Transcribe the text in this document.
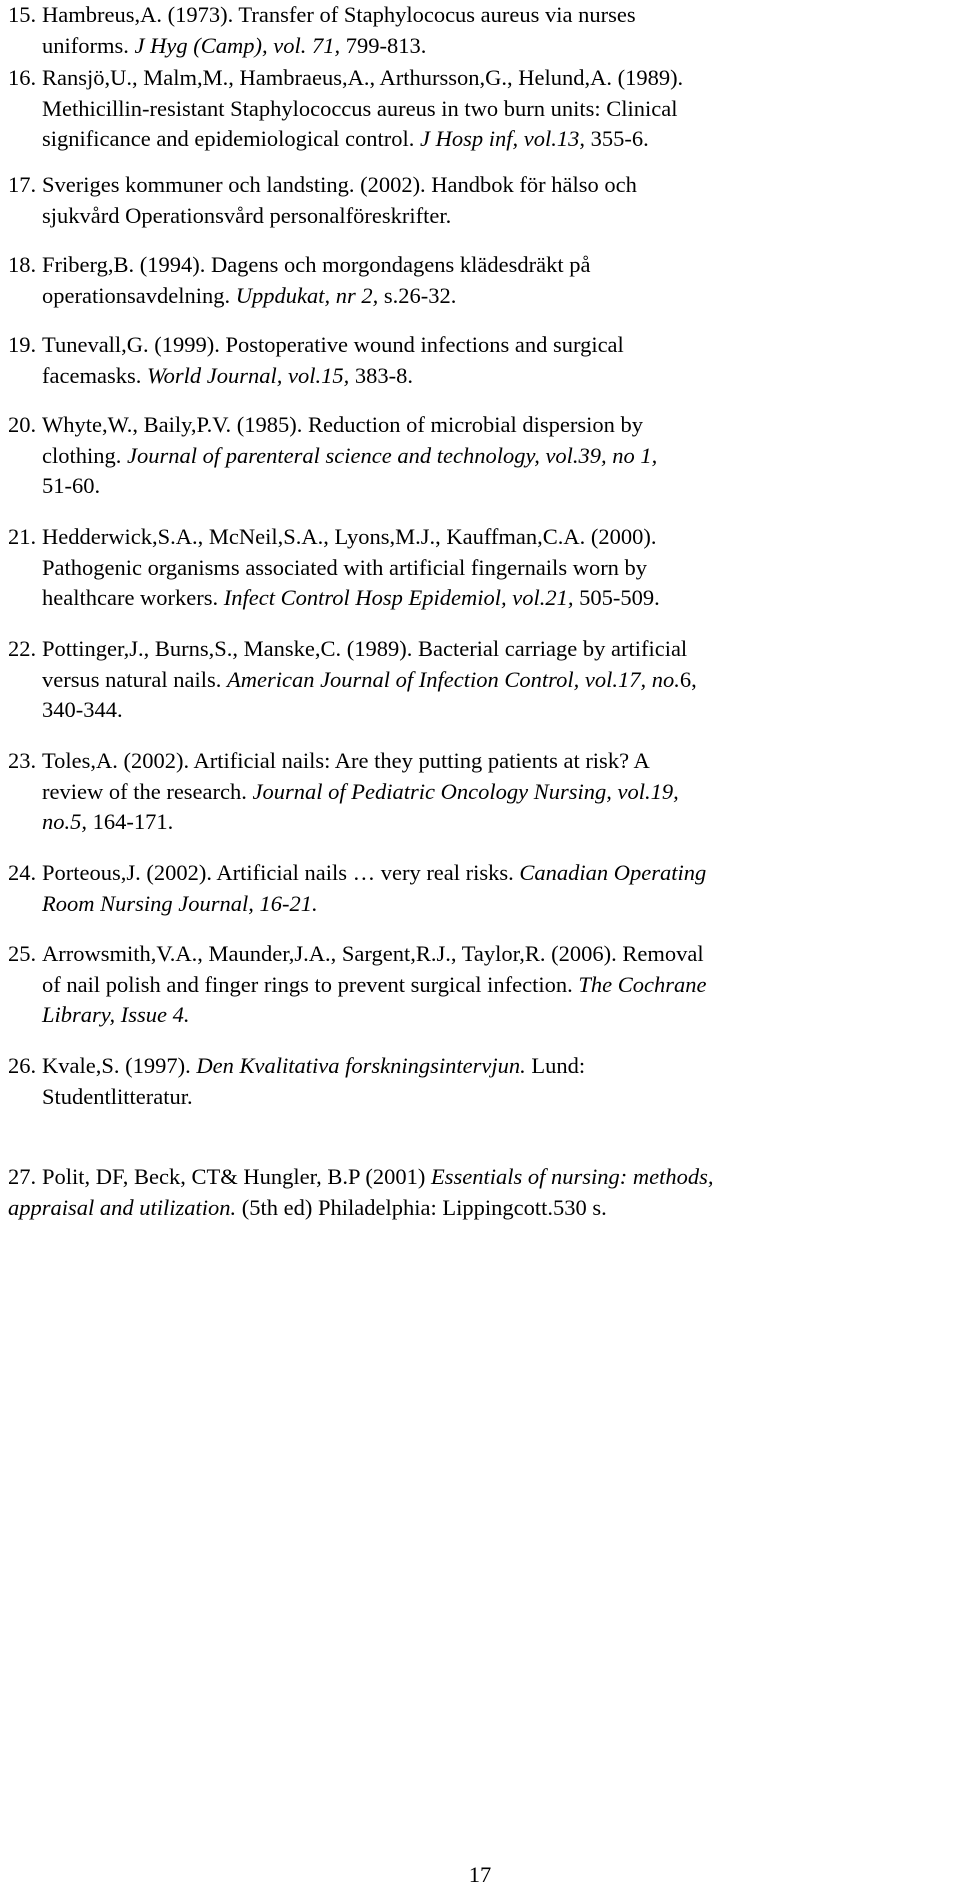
15. Hambreus,A. (1973). Transfer of Staphylococus aureus via nurses
uniforms. J Hyg (Camp), vol. 71, 799-813.
16. Ransjö,U., Malm,M., Hambraeus,A., Arthursson,G., Helund,A. (1989).
Methicillin-resistant Staphylococcus aureus in two burn units: Clinical
significance and epidemiological control. J Hosp inf, vol.13, 355-6.
17. Sveriges kommuner och landsting. (2002). Handbok för hälso och
sjukvård Operationsvård personalföreskrifter.
18. Friberg,B. (1994). Dagens och morgondagens klädesdräkt på
operationsavdelning. Uppdukat, nr 2, s.26-32.
19. Tunevall,G. (1999). Postoperative wound infections and surgical
facemasks. World Journal, vol.15, 383-8.
20. Whyte,W., Baily,P.V. (1985). Reduction of microbial dispersion by
clothing. Journal of parenteral science and technology, vol.39, no 1,
51-60.
21. Hedderwick,S.A., McNeil,S.A., Lyons,M.J., Kauffman,C.A. (2000).
Pathogenic organisms associated with artificial fingernails worn by
healthcare workers. Infect Control Hosp Epidemiol, vol.21, 505-509.
22. Pottinger,J., Burns,S., Manske,C. (1989). Bacterial carriage by artificial
versus natural nails. American Journal of Infection Control, vol.17, no.6,
340-344.
23. Toles,A. (2002). Artificial nails: Are they putting patients at risk? A
review of the research. Journal of Pediatric Oncology Nursing, vol.19,
no.5, 164-171.
24. Porteous,J. (2002). Artificial nails … very real risks. Canadian Operating
Room Nursing Journal, 16-21.
25. Arrowsmith,V.A., Maunder,J.A., Sargent,R.J., Taylor,R. (2006). Removal
of nail polish and finger rings to prevent surgical infection. The Cochrane
Library, Issue 4.
26. Kvale,S. (1997). Den Kvalitativa forskningsintervjun. Lund:
Studentlitteratur.
27. Polit, DF, Beck, CT& Hungler, B.P (2001) Essentials of nursing: methods,
appraisal and utilization. (5th ed) Philadelphia: Lippingcott.530 s.
17
